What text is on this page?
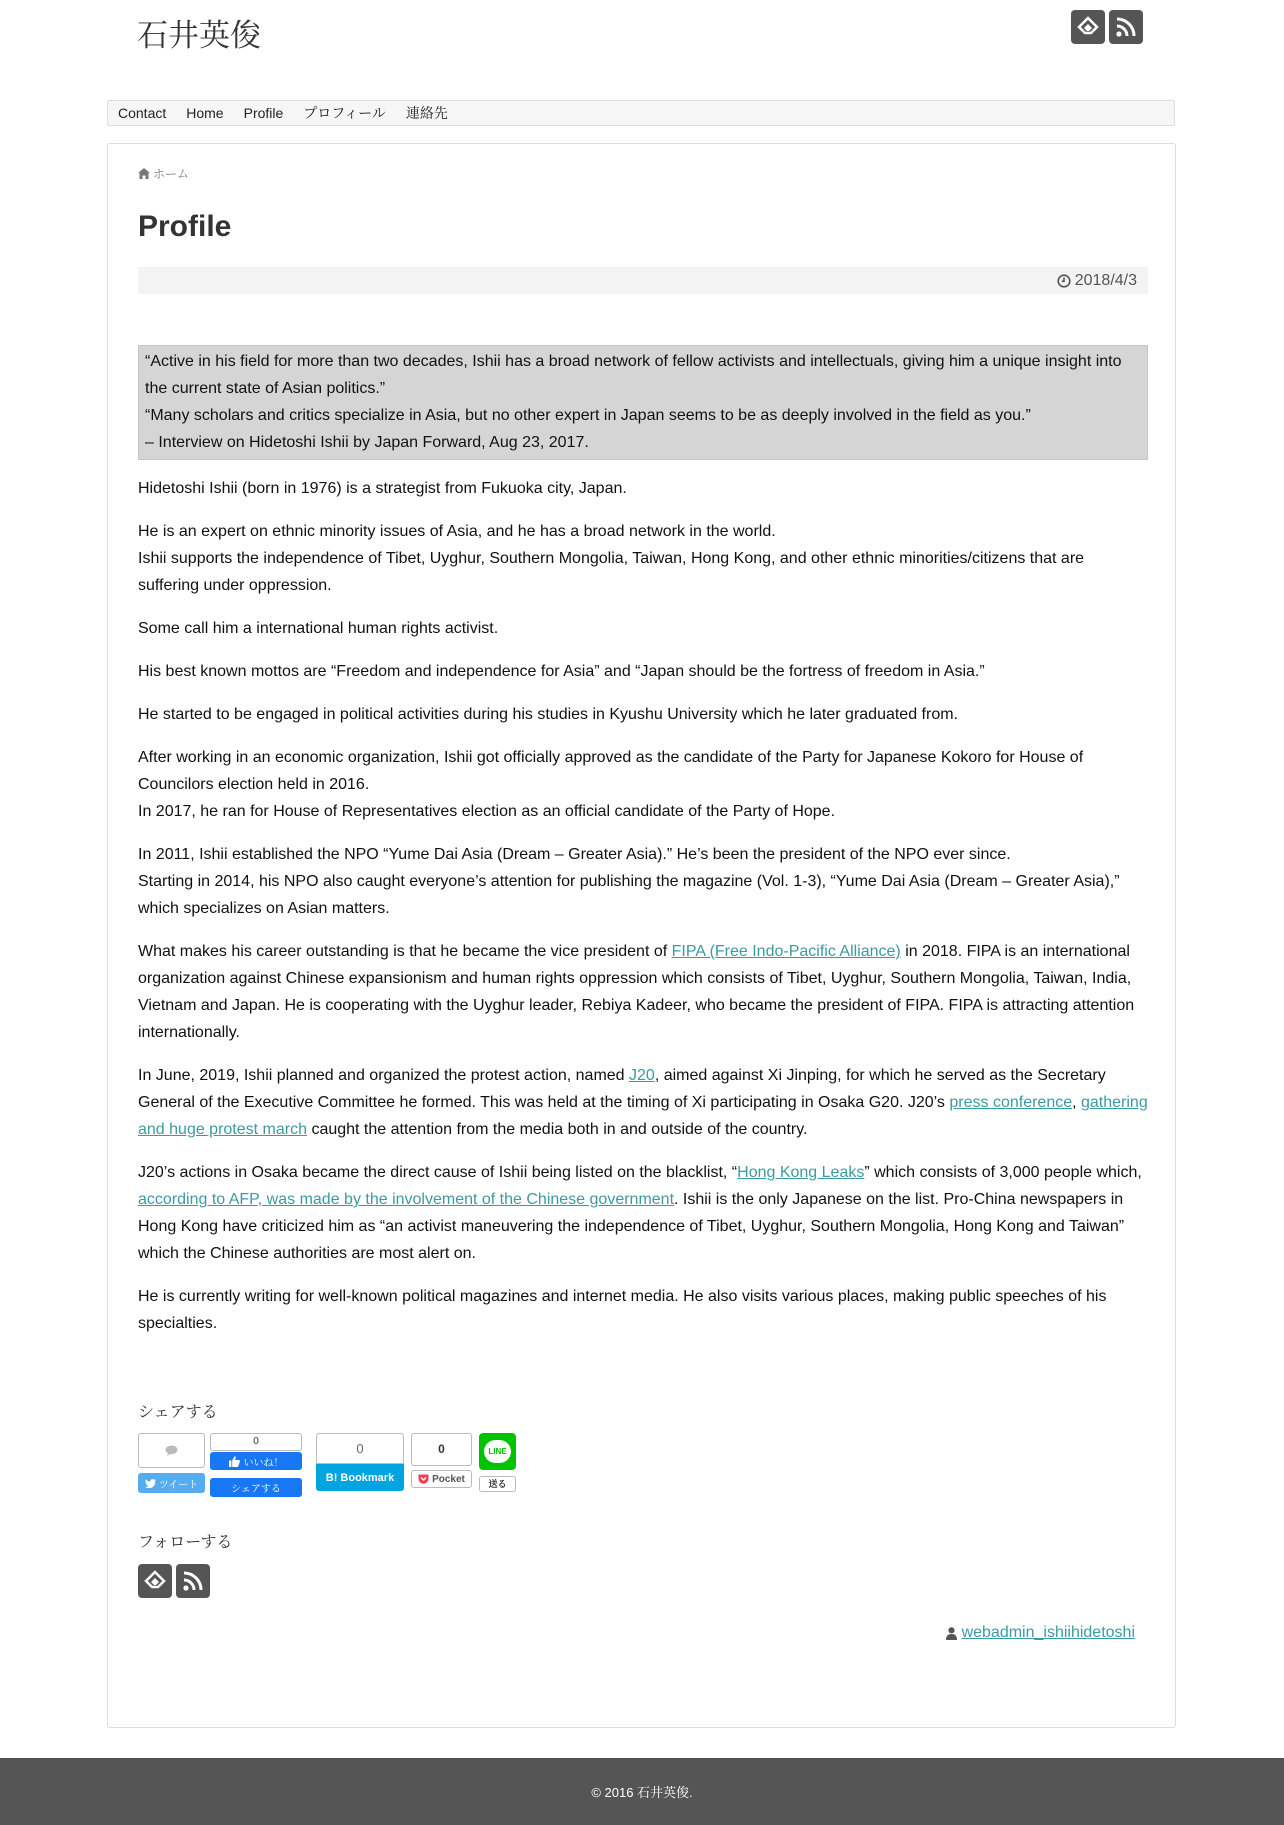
石井英俊
Contact Home Profile プロフィール 連絡先
ホーム
Profile
2018/4/3

“Active in his field for more than two decades, Ishii has a broad network of fellow activists and intellectuals, giving him a unique insight into the current state of Asian politics.”

“Many scholars and critics specialize in Asia, but no other expert in Japan seems to be as deeply involved in the field as you.”

– Interview on Hidetoshi Ishii by Japan Forward, Aug 23, 2017.

Hidetoshi Ishii (born in 1976) is a strategist from Fukuoka city, Japan.

He is an expert on ethnic minority issues of Asia, and he has a broad network in the world.
Ishii supports the independence of Tibet, Uyghur, Southern Mongolia, Taiwan, Hong Kong, and other ethnic minorities/citizens that are suffering under oppression.

Some call him a international human rights activist.

His best known mottos are “Freedom and independence for Asia” and “Japan should be the fortress of freedom in Asia.”

He started to be engaged in political activities during his studies in Kyushu University which he later graduated from.

After working in an economic organization, Ishii got officially approved as the candidate of the Party for Japanese Kokoro for House of Councilors election held in 2016.
In 2017, he ran for House of Representatives election as an official candidate of the Party of Hope.

In 2011, Ishii established the NPO “Yume Dai Asia (Dream – Greater Asia).” He’s been the president of the NPO ever since.
Starting in 2014, his NPO also caught everyone’s attention for publishing the magazine (Vol. 1-3), “Yume Dai Asia (Dream – Greater Asia),” which specializes on Asian matters.

What makes his career outstanding is that he became the vice president of FIPA (Free Indo-Pacific Alliance) in 2018. FIPA is an international organization against Chinese expansionism and human rights oppression which consists of Tibet, Uyghur, Southern Mongolia, Taiwan, India, Vietnam and Japan. He is cooperating with the Uyghur leader, Rebiya Kadeer, who became the president of FIPA. FIPA is attracting attention internationally.

In June, 2019, Ishii planned and organized the protest action, named J20, aimed against Xi Jinping, for which he served as the Secretary General of the Executive Committee he formed. This was held at the timing of Xi participating in Osaka G20. J20’s press conference, gathering and huge protest march caught the attention from the media both in and outside of the country.

J20’s actions in Osaka became the direct cause of Ishii being listed on the blacklist, “Hong Kong Leaks” which consists of 3,000 people which, according to AFP, was made by the involvement of the Chinese government. Ishii is the only Japanese on the list. Pro-China newspapers in Hong Kong have criticized him as “an activist maneuvering the independence of Tibet, Uyghur, Southern Mongolia, Hong Kong and Taiwan” which the Chinese authorities are most alert on.

He is currently writing for well-known political magazines and internet media. He also visits various places, making public speeches of his specialties.

シェアする
ツイート
0
いいね！
シェアする
0
B! Bookmark
0
Pocket
LINE
送る
フォローする
webadmin_ishiihidetoshi
© 2016 石井英俊.
